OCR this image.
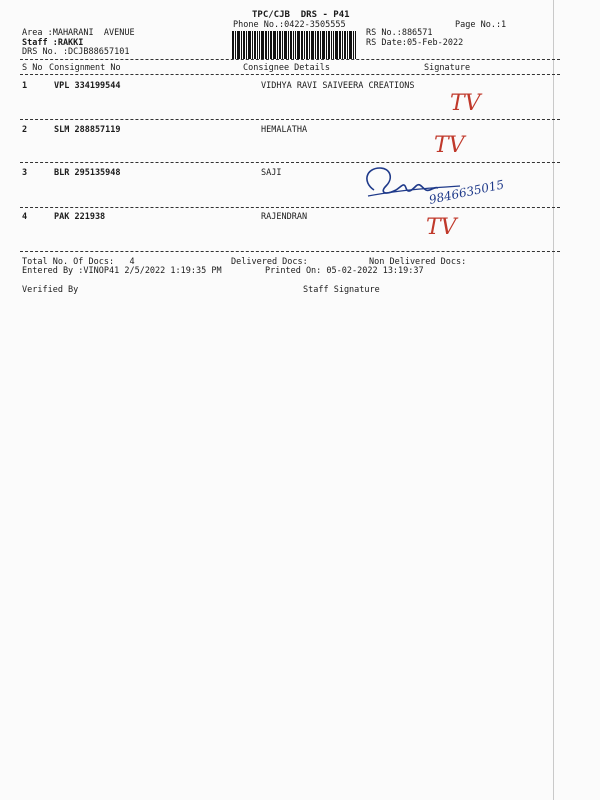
TPC/CJB  DRS - P41
Phone No.:0422-3505555	Page No.:1
Area :MAHARANI  AVENUE
Staff :RAKKI
DRS No. :DCJB88657101
RS No.:886571
RS Date:05-Feb-2022
S No Consignment No	Consignee Details	Signature
1	VPL 334199544	VIDHYA RAVI SAIVEERA CREATIONS
TV
2	SLM 288857119	HEMALATHA
TV
3	BLR 295135948	SAJI
9846635015
4	PAK 221938	RAJENDRAN	TV
Total No. Of Docs:   4	Delivered Docs:	Non Delivered Docs:
Entered By :VINOP41 2/5/2022 1:19:35 PM	Printed On: 05-02-2022 13:19:37
Verified By	Staff Signature
